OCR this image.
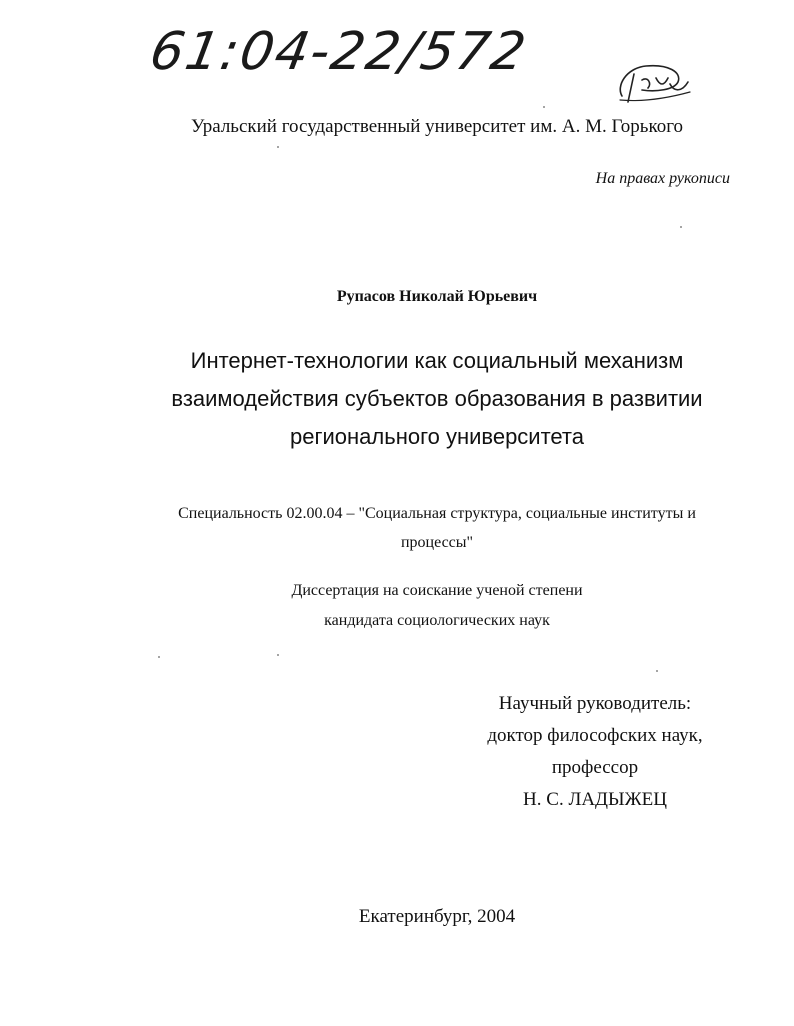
61:04-22/572
Уральский государственный университет им. А. М. Горького
На правах рукописи
Рупасов Николай Юрьевич
Интернет-технологии как социальный механизм
взаимодействия субъектов образования в развитии
регионального университета
Специальность 02.00.04 – "Социальная структура, социальные институты и
процессы"
Диссертация на соискание ученой степени
кандидата социологических наук
Научный руководитель:
доктор философских наук,
профессор
Н. С. ЛАДЫЖЕЦ
Екатеринбург, 2004
